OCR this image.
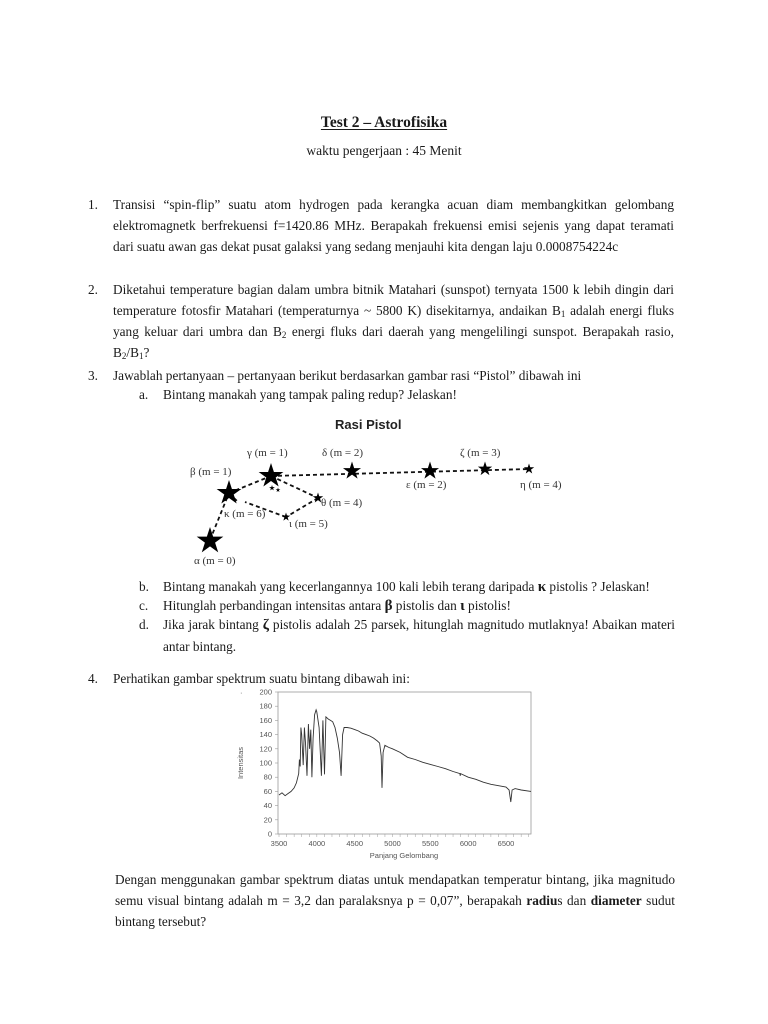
Test 2 – Astrofisika
waktu pengerjaan : 45 Menit
1.	Transisi “spin-flip” suatu atom hydrogen pada kerangka acuan diam membangkitkan gelombang elektromagnetk berfrekuensi f=1420.86 MHz. Berapakah frekuensi emisi sejenis yang dapat teramati dari suatu awan gas dekat pusat galaksi yang sedang menjauhi kita dengan laju 0.0008754224c
2.	Diketahui temperature bagian dalam umbra bitnik Matahari (sunspot) ternyata 1500 k lebih dingin dari temperature fotosfir Matahari (temperaturnya ~ 5800 K) disekitarnya, andaikan $B_1$ adalah energi fluks yang keluar dari umbra dan $B_2$ energi fluks dari daerah yang mengelilingi sunspot. Berapakah rasio, $B_2/B_1$?
3.	Jawablah pertanyaan – pertanyaan berikut berdasarkan gambar rasi “Pistol” dibawah ini
a.	Bintang manakah yang tampak paling redup? Jelaskan!
Rasi Pistol
α (m = 0)
β (m = 1)
γ (m = 1)	δ (m = 2)
ε (m = 2)
ζ (m = 3)
η (m = 4)
θ (m = 4)
ι (m = 5)
κ (m = 6)
b.	Bintang manakah yang kecerlangannya 100 kali lebih terang daripada κ pistolis ? Jelaskan!
c.	Hitunglah perbandingan intensitas antara β pistolis dan ι pistolis!
d.	Jika jarak bintang ζ pistolis adalah 25 parsek, hitunglah magnitudo mutlaknya! Abaikan materi antar bintang.
4.	Perhatikan gambar spektrum suatu bintang dibawah ini:
·
0
20
40
60
80
100
120
140
160
180
200
3500	4000	4500	5000	5500	6000	6500
Panjang Gelombang
Intensitas
Dengan menggunakan gambar spektrum diatas untuk mendapatkan temperatur bintang, jika magnitudo semu visual bintang adalah m = 3,2 dan paralaksnya p = 0,07”, berapakah radius dan diameter sudut bintang tersebut?
